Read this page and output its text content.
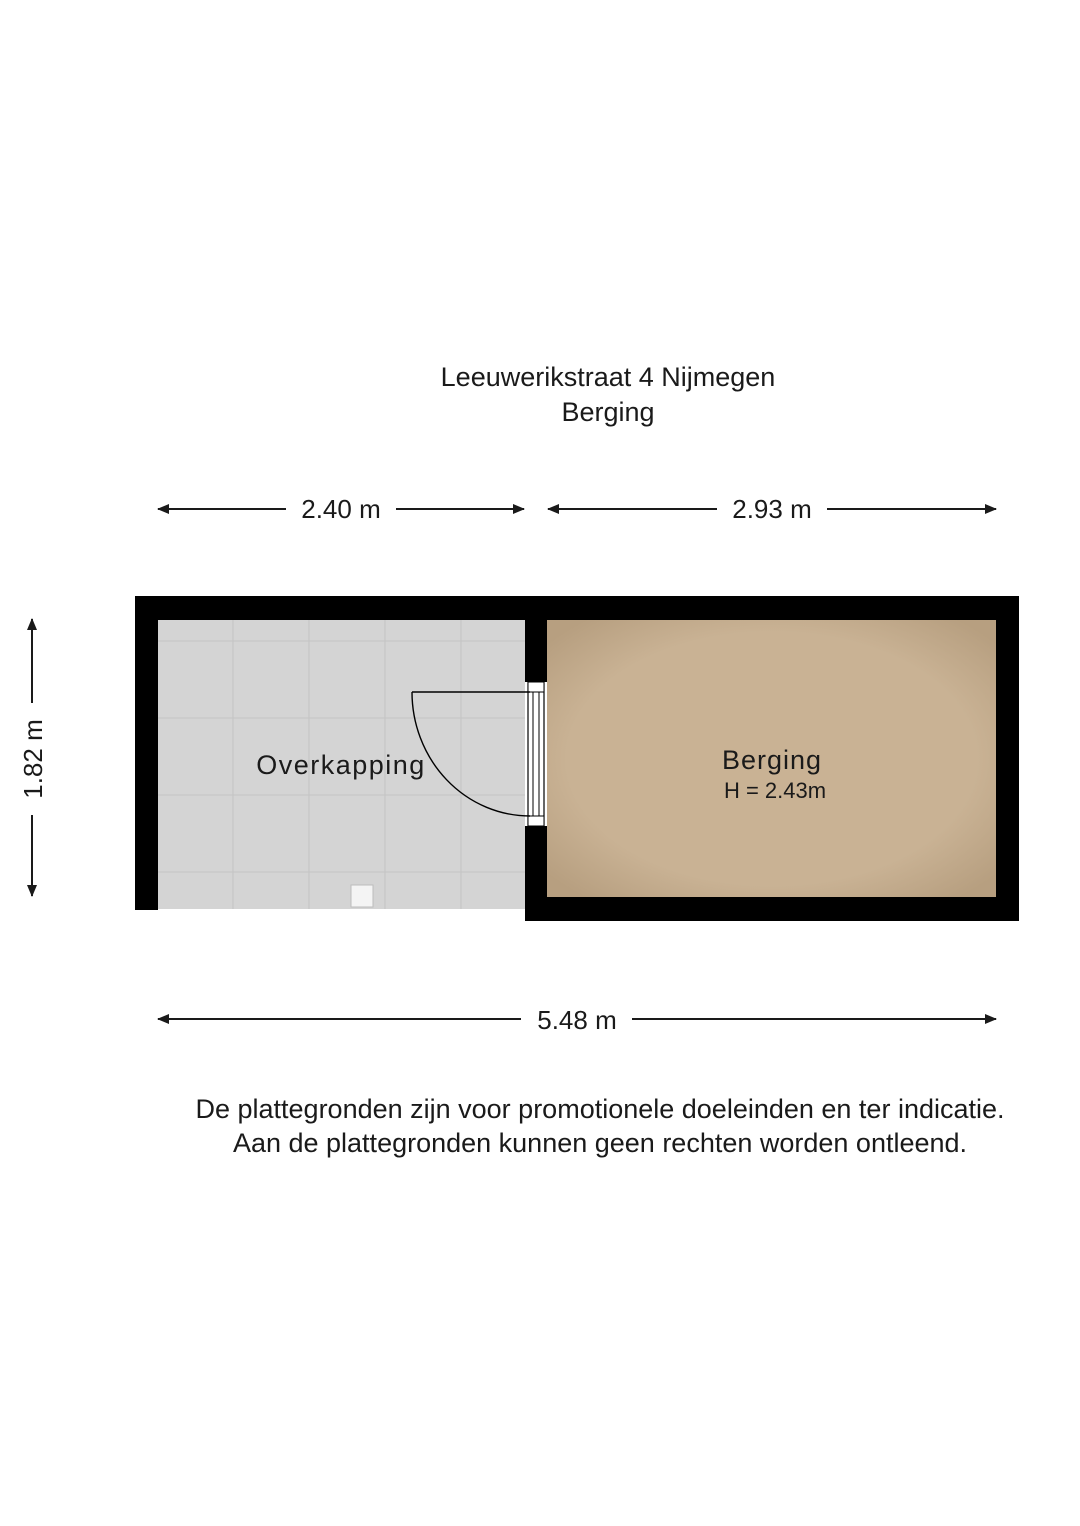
Leeuwerikstraat 4 Nijmegen
Berging
2.40 m	2.93 m
1.82 m	Overkapping	Berging
H = 2.43m
5.48 m
De plattegronden zijn voor promotionele doeleinden en ter indicatie.
Aan de plattegronden kunnen geen rechten worden ontleend.
